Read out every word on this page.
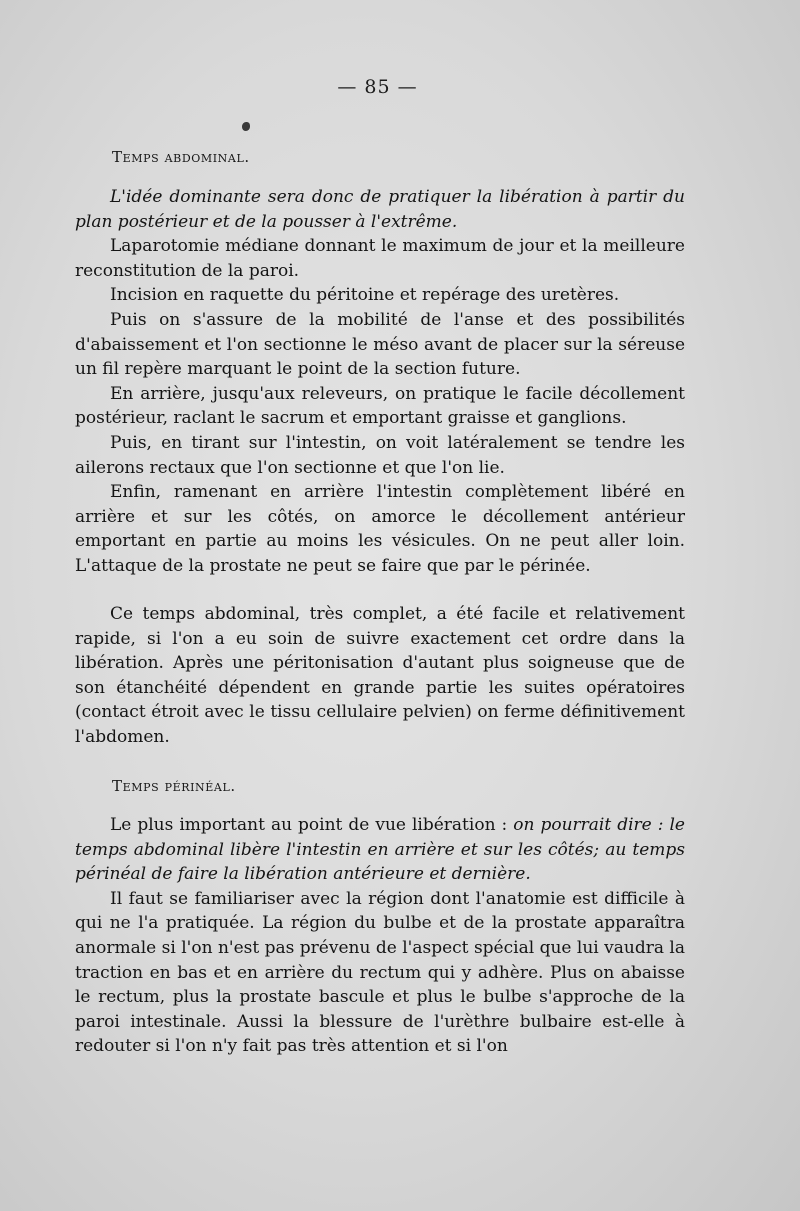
— 85 —
Temps abdominal.

L'idée dominante sera donc de pratiquer la libération à partir du plan postérieur et de la pousser à l'extrême.

Laparotomie médiane donnant le maximum de jour et la meilleure reconstitution de la paroi.

Incision en raquette du péritoine et repérage des uretères.

Puis on s'assure de la mobilité de l'anse et des possibilités d'abaissement et l'on sectionne le méso avant de placer sur la séreuse un fil repère marquant le point de la section future.

En arrière, jusqu'aux releveurs, on pratique le facile décollement postérieur, raclant le sacrum et emportant graisse et ganglions.

Puis, en tirant sur l'intestin, on voit latéralement se tendre les ailerons rectaux que l'on sectionne et que l'on lie.

Enfin, ramenant en arrière l'intestin complètement libéré en arrière et sur les côtés, on amorce le décollement antérieur emportant en partie au moins les vésicules. On ne peut aller loin. L'attaque de la prostate ne peut se faire que par le périnée.

Ce temps abdominal, très complet, a été facile et relativement rapide, si l'on a eu soin de suivre exactement cet ordre dans la libération. Après une péritonisation d'autant plus soigneuse que de son étanchéité dépendent en grande partie les suites opératoires (contact étroit avec le tissu cellulaire pelvien) on ferme définitivement l'abdomen.

Temps périnéal.

Le plus important au point de vue libération : on pourrait dire : le temps abdominal libère l'intestin en arrière et sur les côtés; au temps périnéal de faire la libération antérieure et dernière.

Il faut se familiariser avec la région dont l'anatomie est difficile à qui ne l'a pratiquée. La région du bulbe et de la prostate apparaîtra anormale si l'on n'est pas prévenu de l'aspect spécial que lui vaudra la traction en bas et en arrière du rectum qui y adhère. Plus on abaisse le rectum, plus la prostate bascule et plus le bulbe s'approche de la paroi intestinale. Aussi la blessure de l'urèthre bulbaire est-elle à redouter si l'on n'y fait pas très attention et si l'on
